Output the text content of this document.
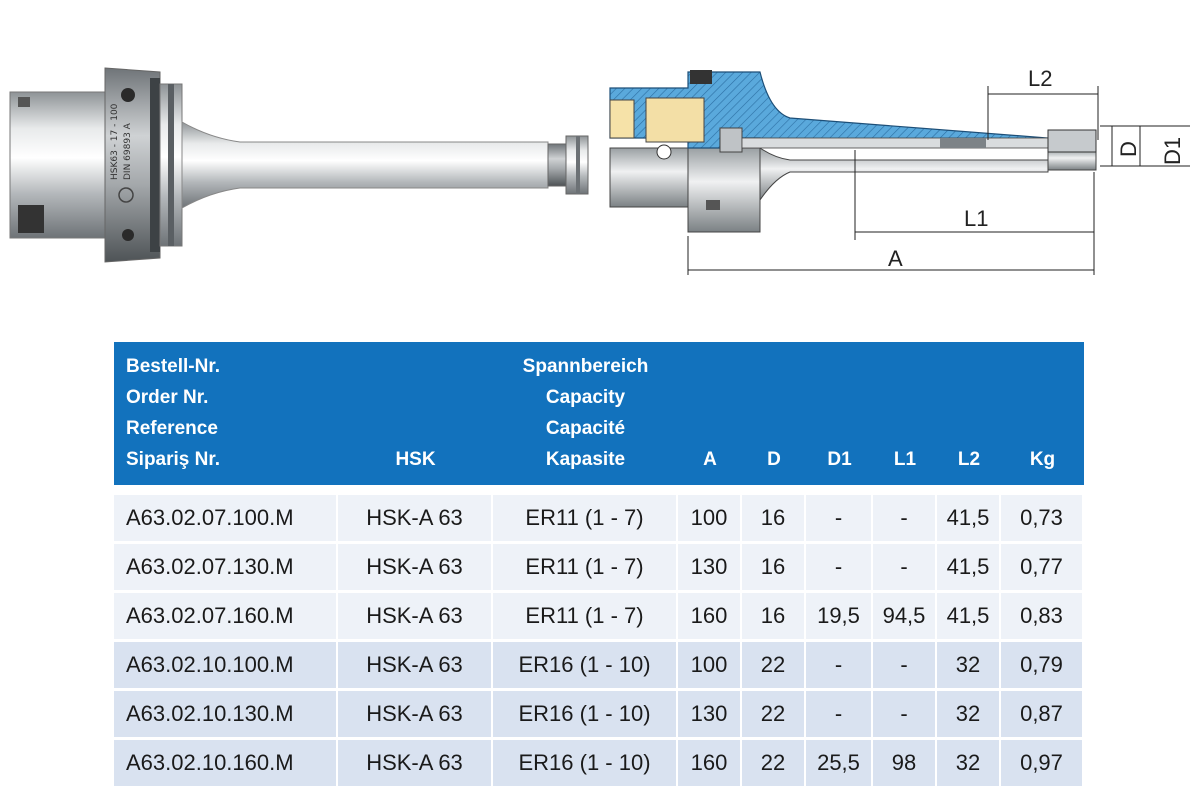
HSK63 - 17 - 100 DIN 69893 A
L2
D D1
L1
A
Bestell-Nr.
Order Nr.
Reference
Sipariş Nr.	HSK	Spannbereich
Capacity
Capacité
Kapasite	A	D	D1	L1	L2	Kg

A63.02.07.100.M	HSK-A 63	ER11 (1 - 7)	100	16	-	-	41,5	0,73
A63.02.07.130.M	HSK-A 63	ER11 (1 - 7)	130	16	-	-	41,5	0,77
A63.02.07.160.M	HSK-A 63	ER11 (1 - 7)	160	16	19,5	94,5	41,5	0,83
A63.02.10.100.M	HSK-A 63	ER16 (1 - 10)	100	22	-	-	32	0,79
A63.02.10.130.M	HSK-A 63	ER16 (1 - 10)	130	22	-	-	32	0,87
A63.02.10.160.M	HSK-A 63	ER16 (1 - 10)	160	22	25,5	98	32	0,97
